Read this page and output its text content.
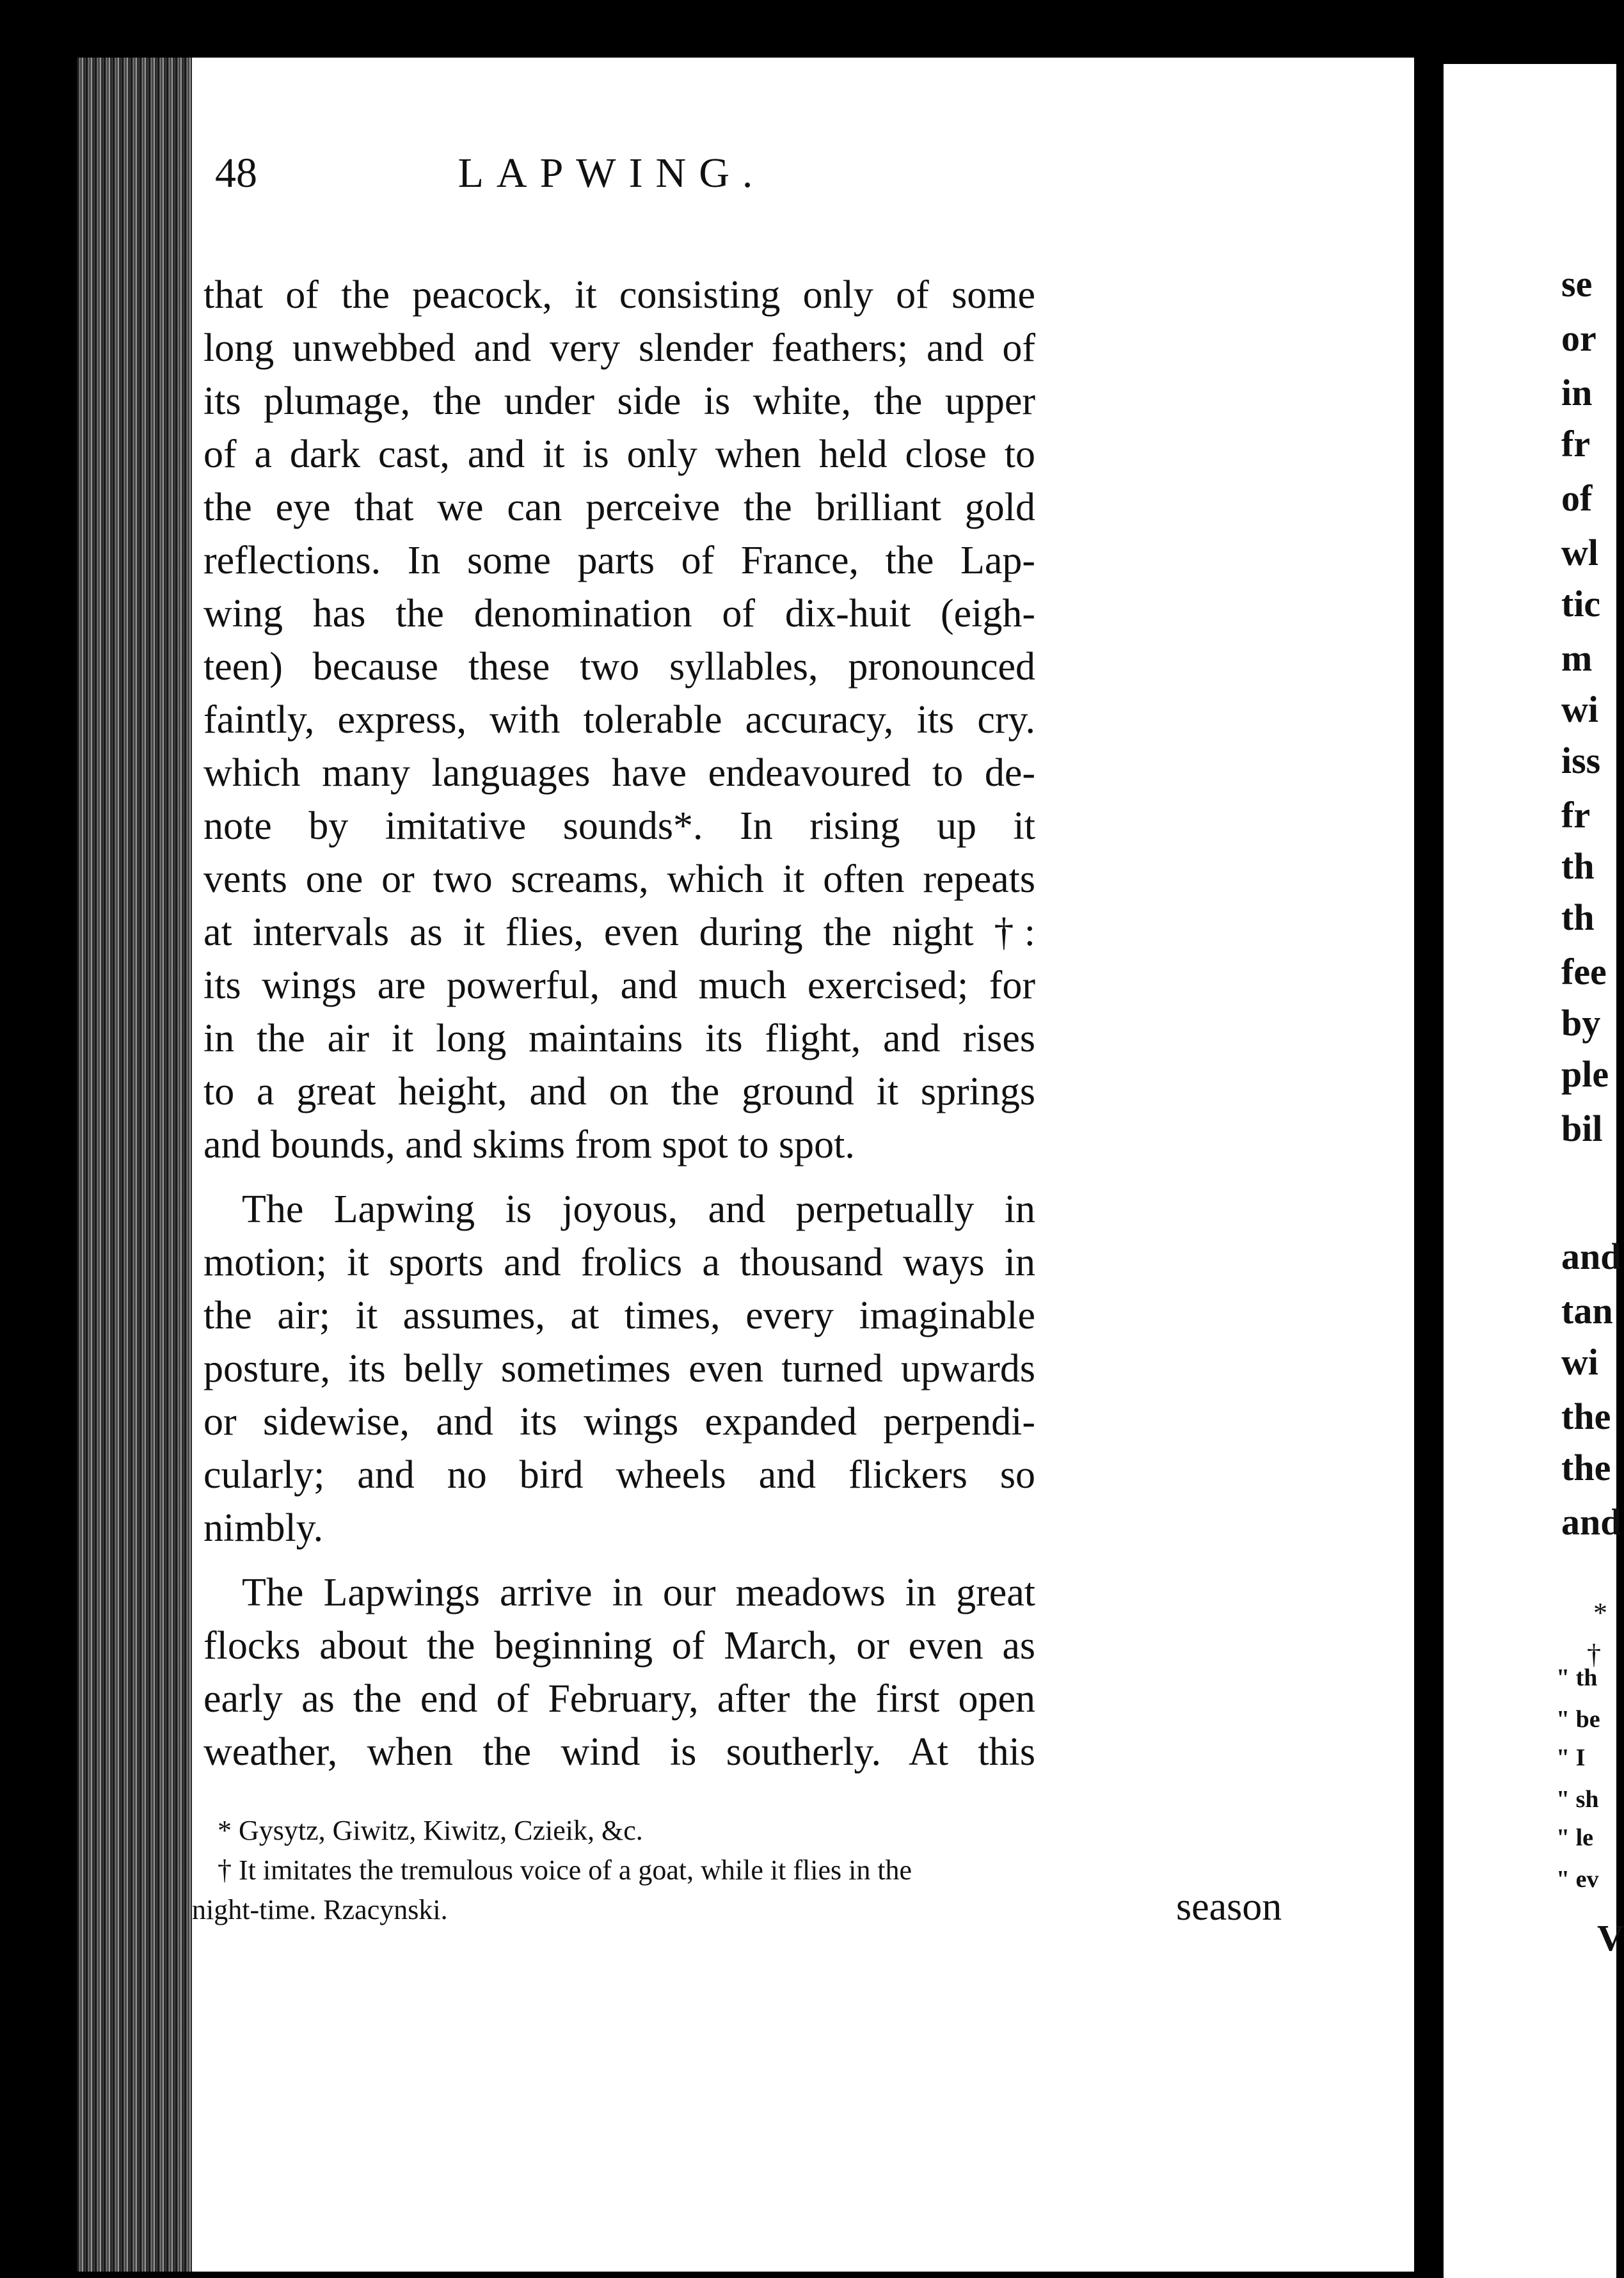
48	LAPWING.
that of the peacock, it consisting only of some
long unwebbed and very slender feathers; and of
its plumage, the under side is white, the upper
of a dark cast, and it is only when held close to
the eye that we can perceive the brilliant gold
reflections. In some parts of France, the Lap-
wing has the denomination of dix-huit (eigh-
teen) because these two syllables, pronounced
faintly, express, with tolerable accuracy, its cry.
which many languages have endeavoured to de-
note by imitative sounds*. In rising up it
vents one or two screams, which it often repeats
at intervals as it flies, even during the night †:
its wings are powerful, and much exercised; for
in the air it long maintains its flight, and rises
to a great height, and on the ground it springs
and bounds, and skims from spot to spot.
The Lapwing is joyous, and perpetually in
motion; it sports and frolics a thousand ways in
the air; it assumes, at times, every imaginable
posture, its belly sometimes even turned upwards
or sidewise, and its wings expanded perpendi-
cularly; and no bird wheels and flickers so
nimbly.
The Lapwings arrive in our meadows in great
flocks about the beginning of March, or even as
early as the end of February, after the first open
weather, when the wind is southerly. At this
* Gysytz, Giwitz, Kiwitz, Czieik, &c.
† It imitates the tremulous voice of a goat, while it flies in the
night-time. Rzacynski.	season
se
or
in
fr
of
wl
tic
m
wi
iss
fr
th
th
fee
by
ple
bil
and
tan
wi
the
the
and
*
†
" th
" be
" I
" sh
" le
" ev
V
